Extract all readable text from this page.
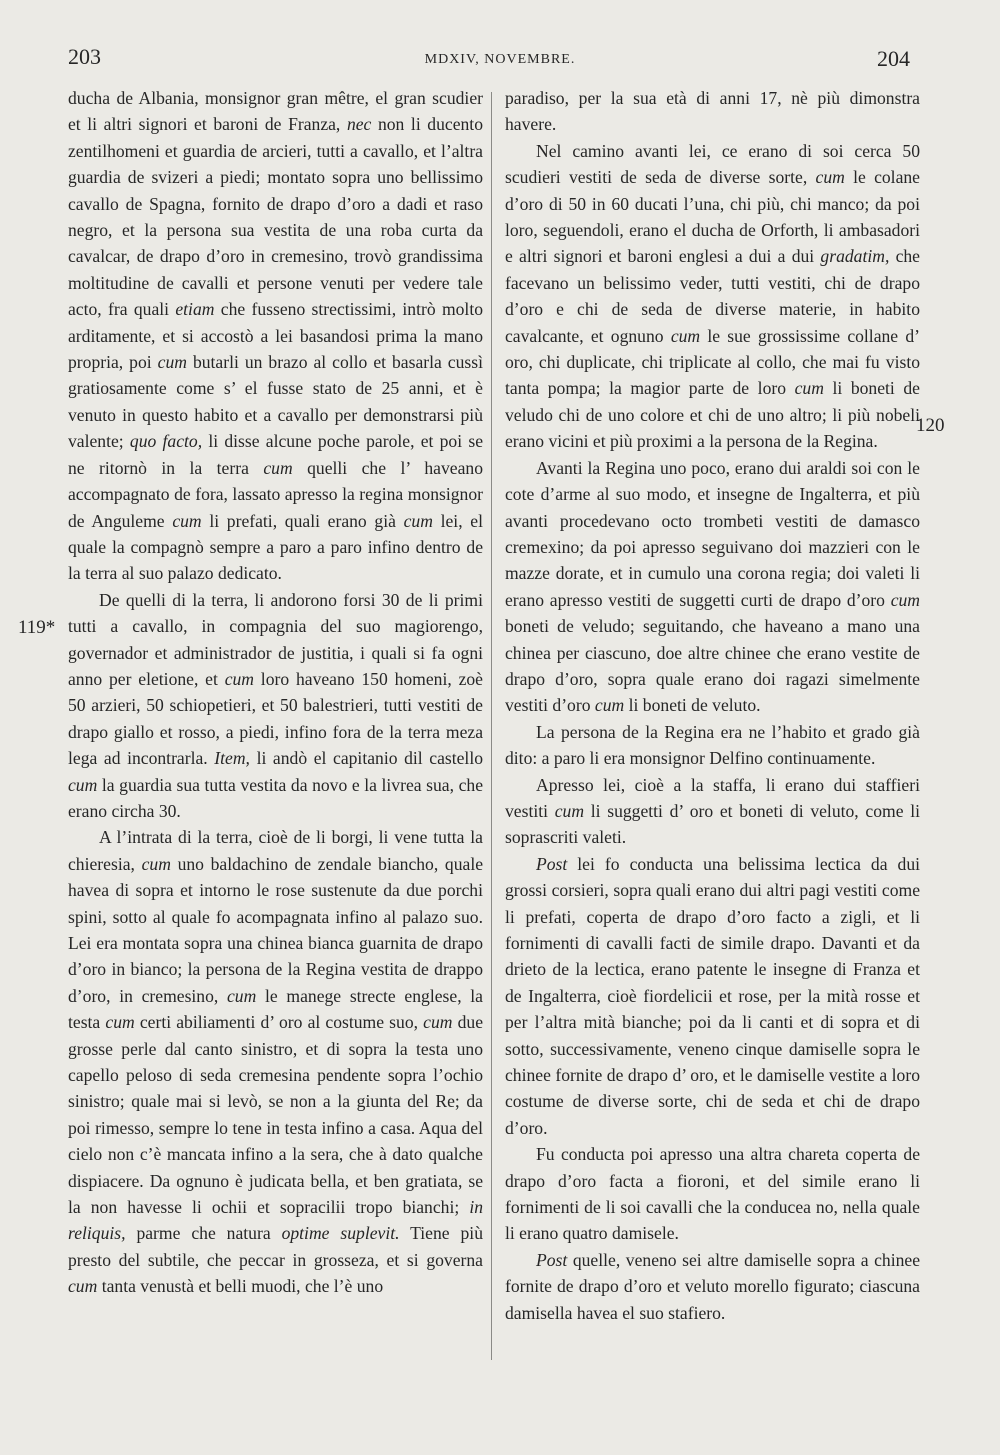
203	MDXIV, NOVEMBRE.	204

ducha de Albania, monsignor gran mêtre, el gran scudier et li altri signori et baroni de Franza, nec non li ducento zentilhomeni et guardia de arcieri, tutti a cavallo, et l’altra guardia de svizeri a piedi; montato sopra uno bellissimo cavallo de Spagna, fornito de drapo d’oro a dadi et raso negro, et la persona sua vestita de una roba curta da cavalcar, de drapo d’oro in cremesino, trovò grandissima moltitudine de cavalli et persone venuti per vedere tale acto, fra quali etiam che fusseno strectissimi, intrò molto arditamente, et si accostò a lei basandosi prima la mano propria, poi cum butarli un brazo al collo et basarla cussì gratiosamente come s’ el fusse stato de 25 anni, et è venuto in questo habito et a cavallo per demonstrarsi più valente; quo facto, li disse alcune poche parole, et poi se ne ritornò in la terra cum quelli che l’ haveano accompagnato de fora, lassato apresso la regina monsignor de Anguleme cum li prefati, quali erano già cum lei, el quale la compagnò sempre a paro a paro infino dentro de la terra al suo palazo dedicato.

De quelli di la terra, li andorono forsi 30 de li primi tutti a cavallo, in compagnia del suo magiorengo, governador et administrador de justitia, i quali si fa ogni anno per eletione, et cum loro haveano 150 homeni, zoè 50 arzieri, 50 schiopetieri, et 50 balestrieri, tutti vestiti de drapo giallo et rosso, a piedi, infino fora de la terra meza lega ad incontrarla. Item, li andò el capitanio dil castello cum la guardia sua tutta vestita da novo e la livrea sua, che erano circha 30.

A l’intrata di la terra, cioè de li borgi, li vene tutta la chieresia, cum uno baldachino de zendale biancho, quale havea di sopra et intorno le rose sustenute da due porchi spini, sotto al quale fo acompagnata infino al palazo suo. Lei era montata sopra una chinea bianca guarnita de drapo d’oro in bianco; la persona de la Regina vestita de drappo d’oro, in cremesino, cum le manege strecte englese, la testa cum certi abiliamenti d’ oro al costume suo, cum due grosse perle dal canto sinistro, et di sopra la testa uno capello peloso di seda cremesina pendente sopra l’ochio sinistro; quale mai si levò, se non a la giunta del Re; da poi rimesso, sempre lo tene in testa infino a casa. Aqua del cielo non c’è mancata infino a la sera, che à dato qualche dispiacere. Da ognuno è judicata bella, et ben gratiata, se la non havesse li ochii et sopracilii tropo bianchi; in reliquis, parme che natura optime suplevit. Tiene più presto del subtile, che peccar in grosseza, et si governa cum tanta venustà et belli muodi, che l’è uno

paradiso, per la sua età di anni 17, nè più dimonstra havere.

Nel camino avanti lei, ce erano di soi cerca 50 scudieri vestiti de seda de diverse sorte, cum le colane d’oro di 50 in 60 ducati l’una, chi più, chi manco; da poi loro, seguendoli, erano el ducha de Orforth, li ambasadori e altri signori et baroni englesi a dui a dui gradatim, che facevano un belissimo veder, tutti vestiti, chi de drapo d’oro e chi de seda de diverse materie, in habito cavalcante, et ognuno cum le sue grossissime collane d’ oro, chi duplicate, chi triplicate al collo, che mai fu visto tanta pompa; la magior parte de loro cum li boneti de veludo chi de uno colore et chi de uno altro; li più nobeli erano vicini et più proximi a la persona de la Regina.

Avanti la Regina uno poco, erano dui araldi soi con le cote d’arme al suo modo, et insegne de Ingalterra, et più avanti procedevano octo trombeti vestiti de damasco cremexino; da poi apresso seguivano doi mazzieri con le mazze dorate, et in cumulo una corona regia; doi valeti li erano apresso vestiti de suggetti curti de drapo d’oro cum boneti de veludo; seguitando, che haveano a mano una chinea per ciascuno, doe altre chinee che erano vestite de drapo d’oro, sopra quale erano doi ragazi simelmente vestiti d’oro cum li boneti de veluto.

La persona de la Regina era ne l’habito et grado già dito: a paro li era monsignor Delfino continuamente.

Apresso lei, cioè a la staffa, li erano dui staffieri vestiti cum li suggetti d’ oro et boneti di veluto, come li soprascriti valeti.

Post lei fo conducta una belissima lectica da dui grossi corsieri, sopra quali erano dui altri pagi vestiti come li prefati, coperta de drapo d’oro facto a zigli, et li fornimenti di cavalli facti de simile drapo. Davanti et da drieto de la lectica, erano patente le insegne di Franza et de Ingalterra, cioè fiordelicii et rose, per la mità rosse et per l’altra mità bianche; poi da li canti et di sopra et di sotto, successivamente, veneno cinque damiselle sopra le chinee fornite de drapo d’ oro, et le damiselle vestite a loro costume de diverse sorte, chi de seda et chi de drapo d’oro.

Fu conducta poi apresso una altra chareta coperta de drapo d’oro facta a fioroni, et del simile erano li fornimenti de li soi cavalli che la conducea no, nella quale li erano quatro damisele.

Post quelle, veneno sei altre damiselle sopra a chinee fornite de drapo d’oro et veluto morello figurato; ciascuna damisella havea el suo stafiero.

119*
120
